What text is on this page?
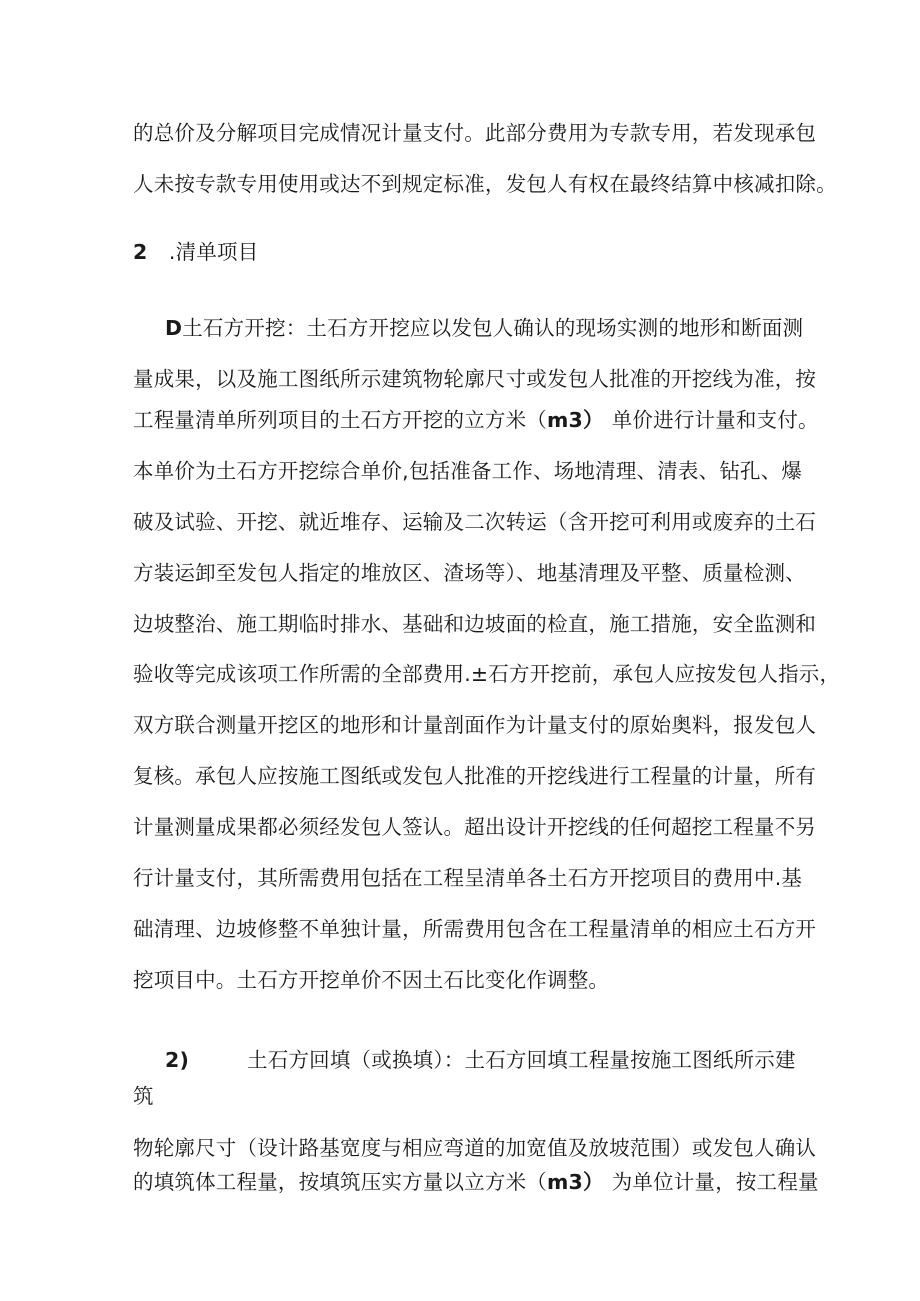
的总价及分解项目完成情况计量支付。此部分费用为专款专用，若发现承包
人未按专款专用使用或达不到规定标准，发包人有权在最终结算中核减扣除。
2 .清单项目
D土石方开挖：土石方开挖应以发包人确认的现场实测的地形和断面测
量成果，以及施工图纸所示建筑物轮廓尺寸或发包人批准的开挖线为准，按
工程量清单所列项目的土石方开挖的立方米（m3） 单价进行计量和支付。
本单价为土石方开挖综合单价,包括准备工作、场地清理、清表、钻孔、爆
破及试验、开挖、就近堆存、运输及二次转运（含开挖可利用或废弃的土石
方装运卸至发包人指定的堆放区、渣场等）、地基清理及平整、质量检测、
边坡整治、施工期临时排水、基础和边坡面的检直，施工措施，安全监测和
验收等完成该项工作所需的全部费用.±石方开挖前，承包人应按发包人指示，
双方联合测量开挖区的地形和计量剖面作为计量支付的原始奥料，报发包人
复核。承包人应按施工图纸或发包人批准的开挖线进行工程量的计量，所有
计量测量成果都必须经发包人签认。超出设计开挖线的任何超挖工程量不另
行计量支付，其所需费用包括在工程呈清单各土石方开挖项目的费用中.基
础清理、边坡修整不单独计量，所需费用包含在工程量清单的相应土石方开
挖项目中。土石方开挖单价不因土石比变化作调整。
2)	土石方回填（或换填）：土石方回填工程量按施工图纸所示建
筑
物轮廓尺寸（设计路基宽度与相应弯道的加宽值及放坡范围）或发包人确认
的填筑体工程量，按填筑压实方量以立方米（m3） 为单位计量，按工程量
